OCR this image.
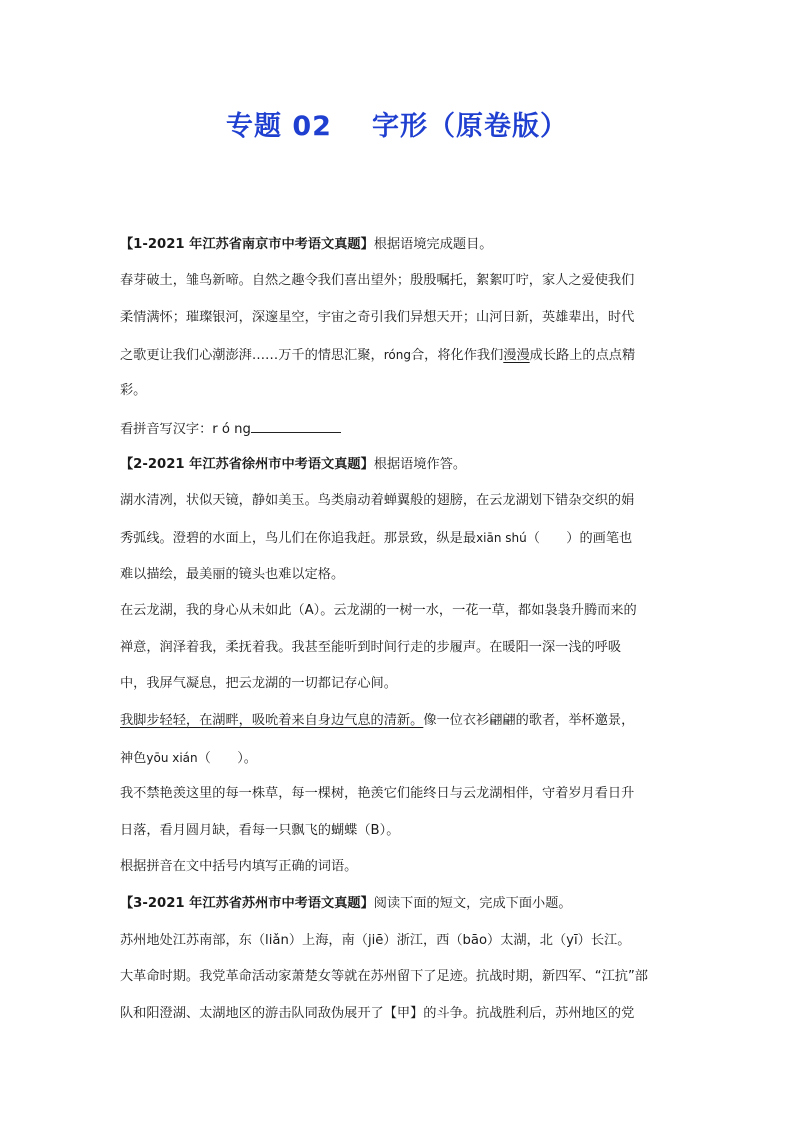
专题 02 字形（原卷版）
【1-2021 年江苏省南京市中考语文真题】根据语境完成题目。
春芽破土，雏鸟新啼。自然之趣令我们喜出望外；殷殷嘱托，絮絮叮咛，家人之爱使我们
柔情满怀；璀璨银河，深邃星空，宇宙之奇引我们异想天开；山河日新，英雄辈出，时代
之歌更让我们心潮澎湃……万千的情思汇聚，róng合，将化作我们漫漫成长路上的点点精
彩。
看拼音写汉字：r ó ng
【2-2021 年江苏省徐州市中考语文真题】根据语境作答。
湖水清冽，状似天镜，静如美玉。鸟类扇动着蝉翼般的翅膀，在云龙湖划下错杂交织的娟
秀弧线。澄碧的水面上，鸟儿们在你追我赶。那景致，纵是最xiān shú（　　）的画笔也
难以描绘，最美丽的镜头也难以定格。
在云龙湖，我的身心从未如此（A）。云龙湖的一树一水，一花一草，都如袅袅升腾而来的
禅意，润泽着我，柔抚着我。我甚至能听到时间行走的步履声。在暖阳一深一浅的呼吸
中，我屏气凝息，把云龙湖的一切都记存心间。
我脚步轻轻，在湖畔，吸吮着来自身边气息的清新。像一位衣衫翩翩的歌者，举杯邀景，
神色yōu xián（　　）。
我不禁艳羡这里的每一株草，每一棵树，艳羡它们能终日与云龙湖相伴，守着岁月看日升
日落，看月圆月缺，看每一只飘飞的蝴蝶（B）。
根据拼音在文中括号内填写正确的词语。
【3-2021 年江苏省苏州市中考语文真题】阅读下面的短文，完成下面小题。
苏州地处江苏南部，东（liǎn）上海，南（jiē）浙江，西（bāo）太湖，北（yī）长江。
大革命时期。我党革命活动家萧楚女等就在苏州留下了足迹。抗战时期，新四军、“江抗”部
队和阳澄湖、太湖地区的游击队同敌伪展开了【甲】的斗争。抗战胜利后，苏州地区的党
